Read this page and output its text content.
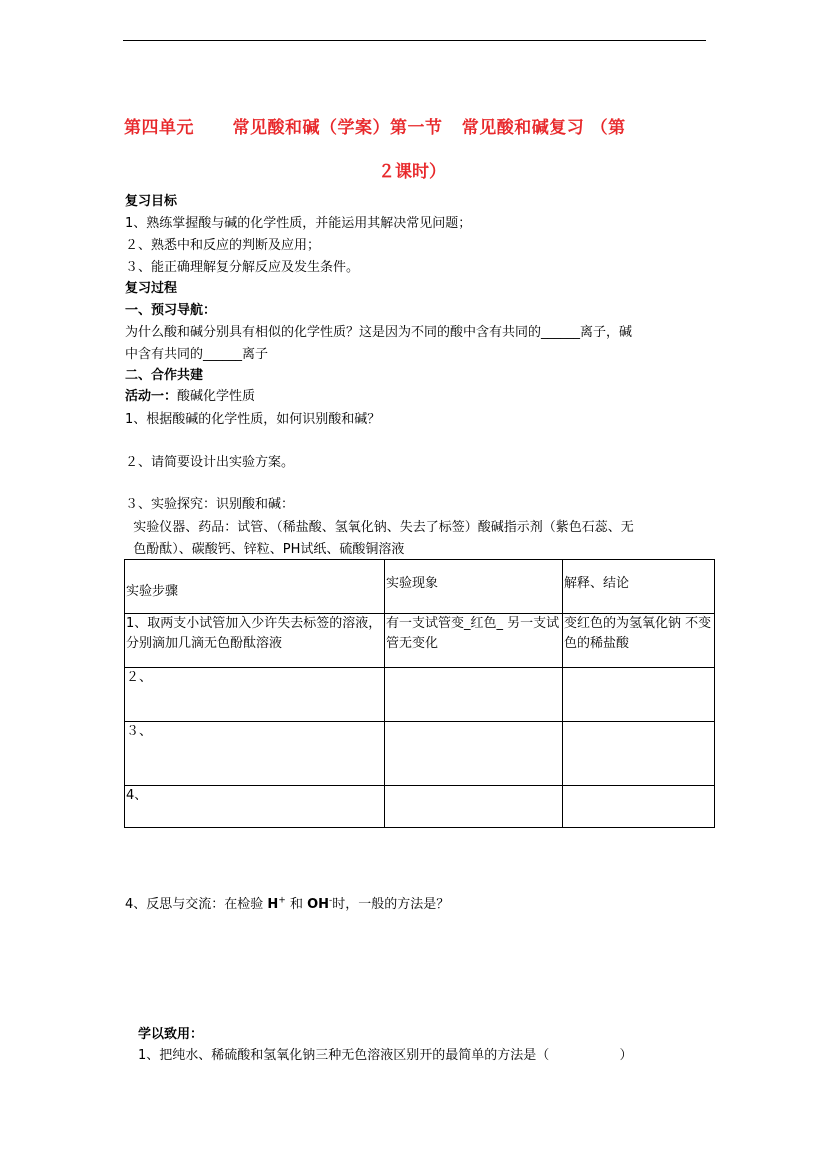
第四单元      常见酸和碱（学案）第一节   常见酸和碱复习 （第
２课时）
复习目标
1、熟练掌握酸与碱的化学性质，并能运用其解决常见问题；
２、熟悉中和反应的判断及应用；
３、能正确理解复分解反应及发生条件。
复习过程
一、预习导航：
为什么酸和碱分别具有相似的化学性质？这是因为不同的酸中含有共同的______离子，碱
中含有共同的______离子
二、合作共建
活动一：酸碱化学性质
1、根据酸碱的化学性质，如何识别酸和碱？
２、请简要设计出实验方案。
３、实验探究：识别酸和碱：
实验仪器、药品：试管、（稀盐酸、氢氧化钠、失去了标签）酸碱指示剂（紫色石蕊、无
色酚酞）、碳酸钙、锌粒、PH试纸、硫酸铜溶液
实验步骤	实验现象	解释、结论
1、取两支小试管加入少许失去标签的溶液，分别滴加几滴无色酚酞溶液	有一支试管变_红色_ 另一支试管无变化	变红色的为氢氧化钠 不变色的稀盐酸
２、		
３、		
4、		
4、反思与交流：在检验 H+ 和 OH-时，一般的方法是？
学以致用：
1、把纯水、稀硫酸和氢氧化钠三种无色溶液区别开的最简单的方法是（                 ）
